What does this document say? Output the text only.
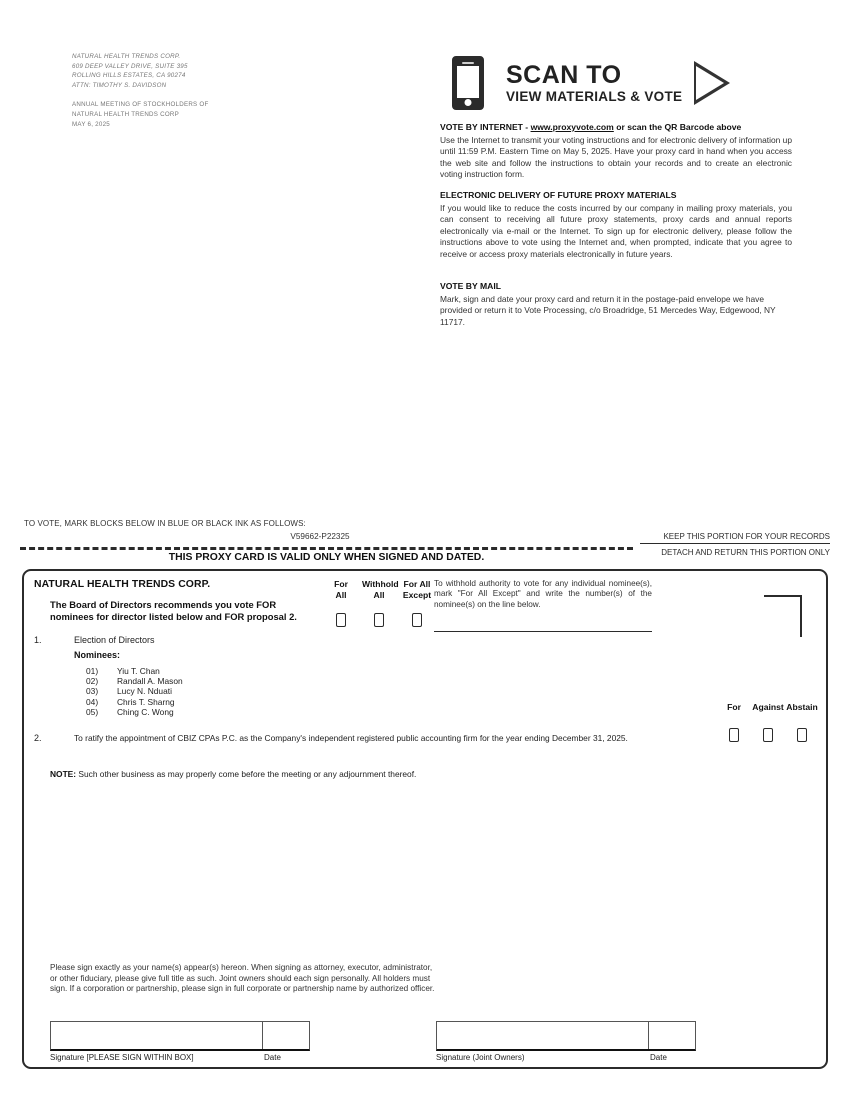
NATURAL HEALTH TRENDS CORP.
609 DEEP VALLEY DRIVE, SUITE 395
ROLLING HILLS ESTATES, CA 90274
ATTN: TIMOTHY S. DAVIDSON
ANNUAL MEETING OF STOCKHOLDERS OF
NATURAL HEALTH TRENDS CORP
MAY 6, 2025
SCAN TO
VIEW MATERIALS & VOTE
VOTE BY INTERNET - www.proxyvote.com or scan the QR Barcode above

Use the Internet to transmit your voting instructions and for electronic delivery of information up until 11:59 P.M. Eastern Time on May 5, 2025. Have your proxy card in hand when you access the web site and follow the instructions to obtain your records and to create an electronic voting instruction form.

ELECTRONIC DELIVERY OF FUTURE PROXY MATERIALS

If you would like to reduce the costs incurred by our company in mailing proxy materials, you can consent to receiving all future proxy statements, proxy cards and annual reports electronically via e-mail or the Internet. To sign up for electronic delivery, please follow the instructions above to vote using the Internet and, when prompted, indicate that you agree to receive or access proxy materials electronically in future years.

VOTE BY MAIL

Mark, sign and date your proxy card and return it in the postage-paid envelope we have provided or return it to Vote Processing, c/o Broadridge, 51 Mercedes Way, Edgewood, NY 11717.

TO VOTE, MARK BLOCKS BELOW IN BLUE OR BLACK INK AS FOLLOWS:
V59662-P22325	KEEP THIS PORTION FOR YOUR RECORDS
DETACH AND RETURN THIS PORTION ONLY
THIS PROXY CARD IS VALID ONLY WHEN SIGNED AND DATED.
NATURAL HEALTH TRENDS CORP.
The Board of Directors recommends you vote FOR
nominees for director listed below and FOR proposal 2.
For
All
Withhold
All
For All
Except
To withhold authority to vote for any individual nominee(s), mark "For All Except" and write the number(s) of the nominee(s) on the line below.
1.	Election of Directors
Nominees:
01)	Yiu T. Chan
02)	Randall A. Mason
03)	Lucy N. Nduati
04)	Chris T. Sharng
05)	Ching C. Wong	For	Against Abstain
2.	To ratify the appointment of CBIZ CPAs P.C. as the Company's independent registered public accounting firm for the year ending December 31, 2025.
NOTE: Such other business as may properly come before the meeting or any adjournment thereof.
Please sign exactly as your name(s) appear(s) hereon. When signing as attorney, executor, administrator, or other fiduciary, please give full title as such. Joint owners should each sign personally. All holders must sign. If a corporation or partnership, please sign in full corporate or partnership name by authorized officer.
Signature [PLEASE SIGN WITHIN BOX]	Date	Signature (Joint Owners)	Date
